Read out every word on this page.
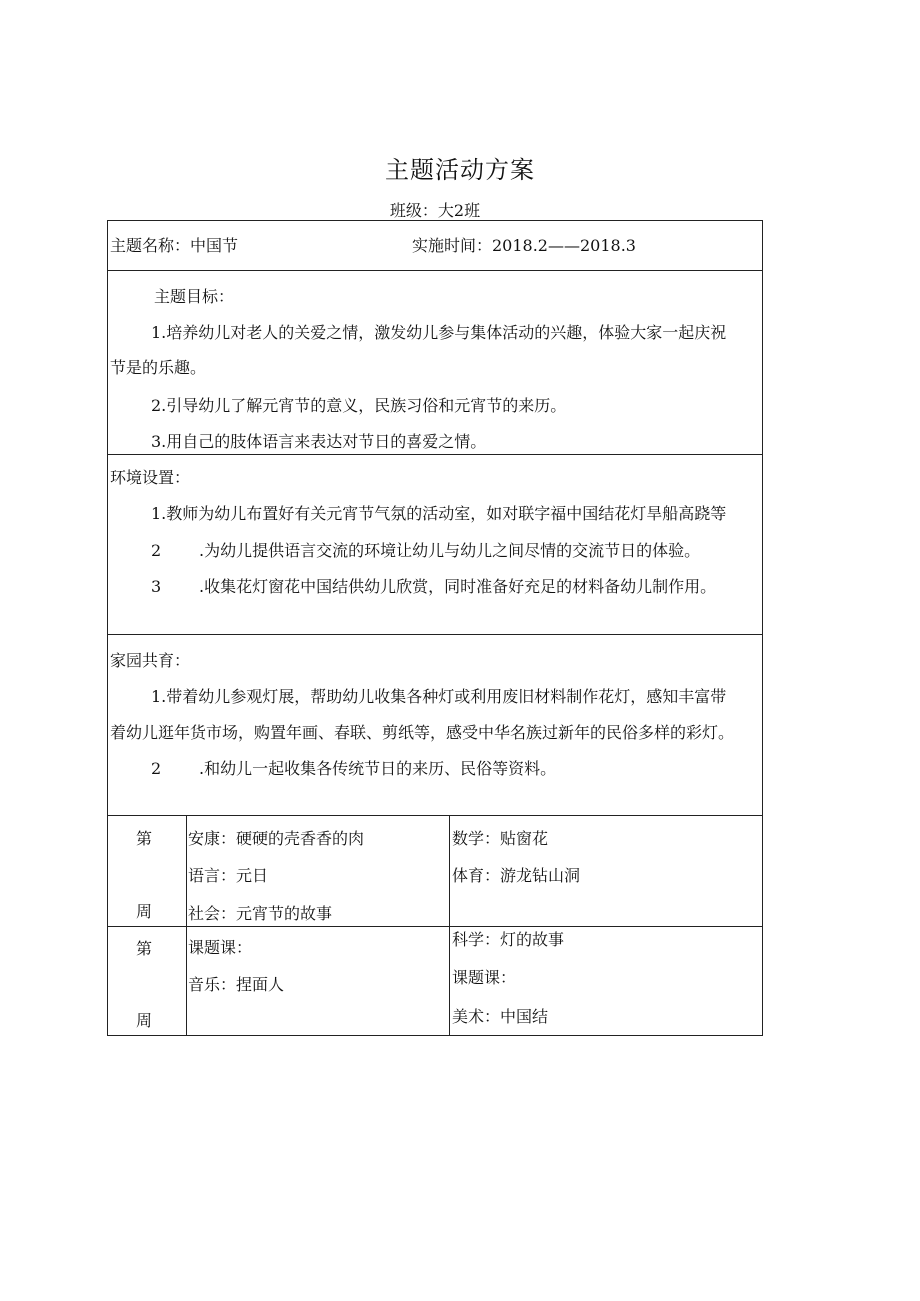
主题活动方案
班级：大2班
主题名称：中国节	实施时间：2018.2——2018.3
主题目标：
1.培养幼儿对老人的关爱之情，激发幼儿参与集体活动的兴趣，体验大家一起庆祝
节是的乐趣。
2.引导幼儿了解元宵节的意义，民族习俗和元宵节的来历。
3.用自己的肢体语言来表达对节日的喜爱之情。
环境设置：
1.教师为幼儿布置好有关元宵节气氛的活动室，如对联字福中国结花灯旱船高跷等
2 .为幼儿提供语言交流的环境让幼儿与幼儿之间尽情的交流节日的体验。
3 .收集花灯窗花中国结供幼儿欣赏，同时准备好充足的材料备幼儿制作用。
家园共育：
1.带着幼儿参观灯展，帮助幼儿收集各种灯或利用废旧材料制作花灯，感知丰富带
着幼儿逛年货市场，购置年画、春联、剪纸等，感受中华名族过新年的民俗多样的彩灯。
2 .和幼儿一起收集各传统节日的来历、民俗等资料。
第
周
安康：硬硬的壳香香的肉
语言：元日
社会：元宵节的故事
数学：贴窗花
体育：游龙钻山洞
第
周
课题课：
音乐：捏面人
科学：灯的故事
课题课：
美术：中国结
